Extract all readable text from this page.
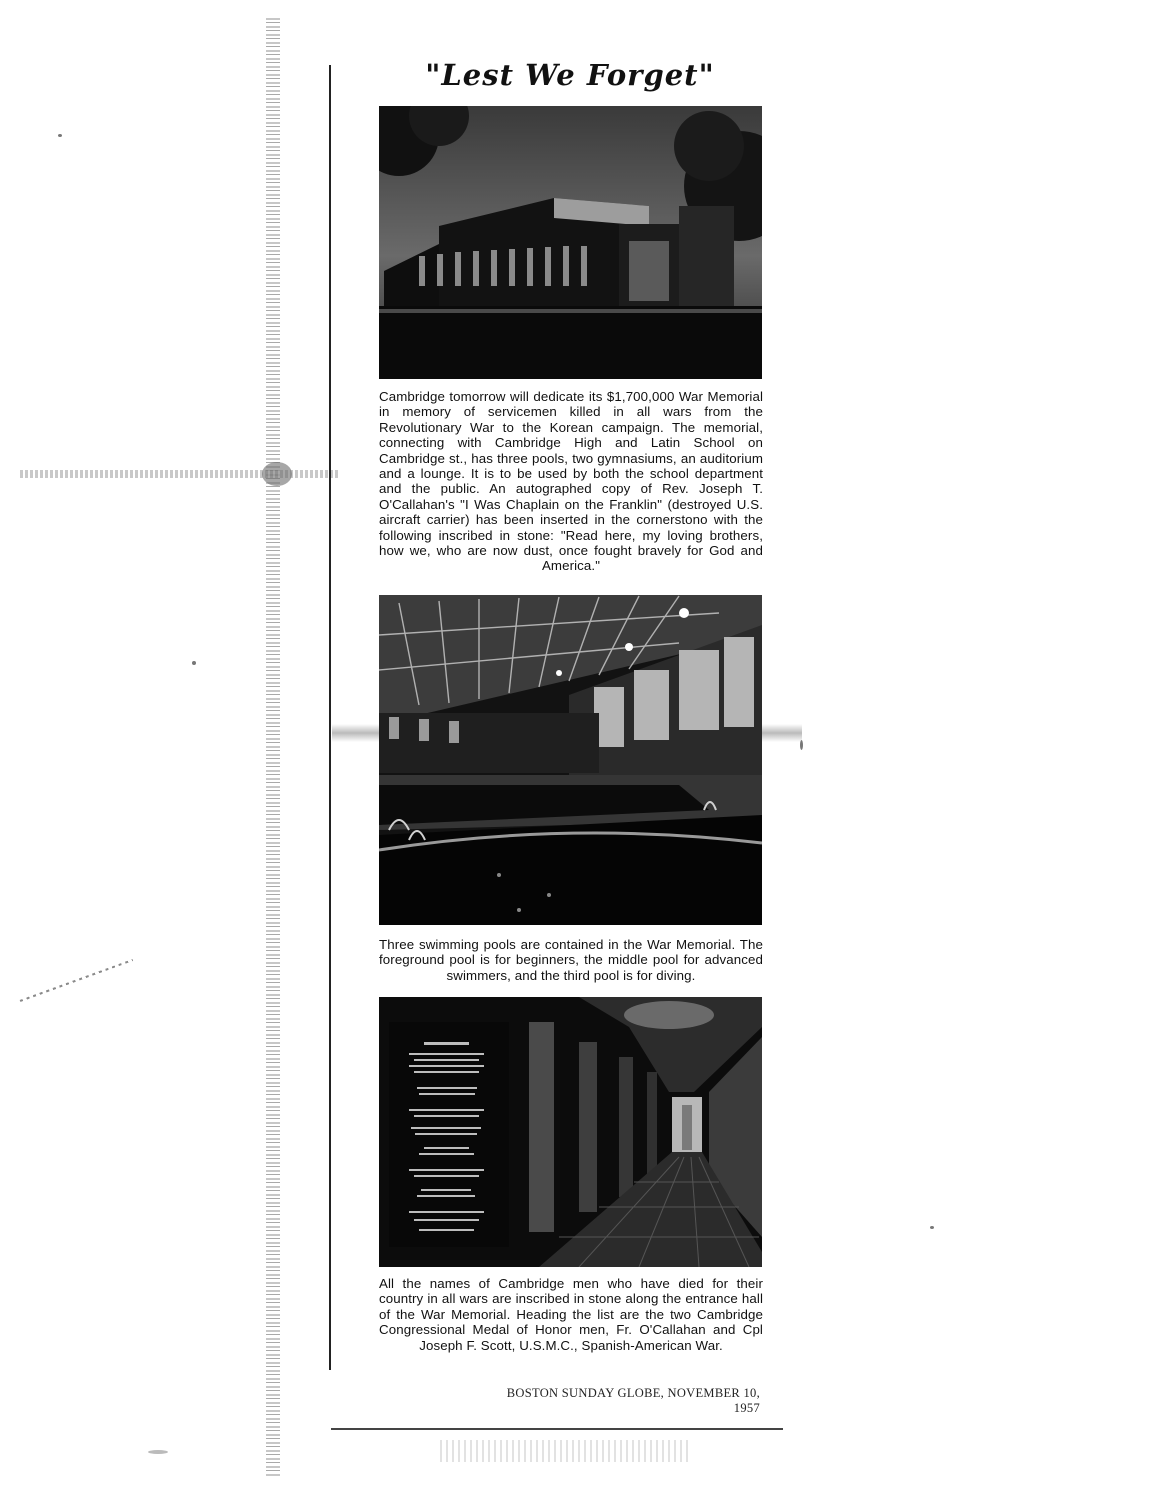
"Lest We Forget"
Cambridge tomorrow will dedicate its $1,700,000 War Memorial in memory of servicemen killed in all wars from the Revolutionary War to the Korean campaign. The memorial, connecting with Cambridge High and Latin School on Cambridge st., has three pools, two gymnasiums, an auditorium and a lounge. It is to be used by both the school department and the public. An autographed copy of Rev. Joseph T. O'Callahan's "I Was Chaplain on the Franklin" (destroyed U.S. aircraft carrier) has been inserted in the cornerstono with the following inscribed in stone: "Read here, my loving brothers, how we, who are now dust, once fought bravely for God and America."
Three swimming pools are contained in the War Memorial. The foreground pool is for beginners, the middle pool for advanced swimmers, and the third pool is for diving.
All the names of Cambridge men who have died for their country in all wars are inscribed in stone along the entrance hall of the War Memorial. Heading the list are the two Cambridge Congressional Medal of Honor men, Fr. O'Callahan and Cpl Joseph F. Scott, U.S.M.C., Spanish-American War.
BOSTON SUNDAY GLOBE, NOVEMBER 10, 1957
